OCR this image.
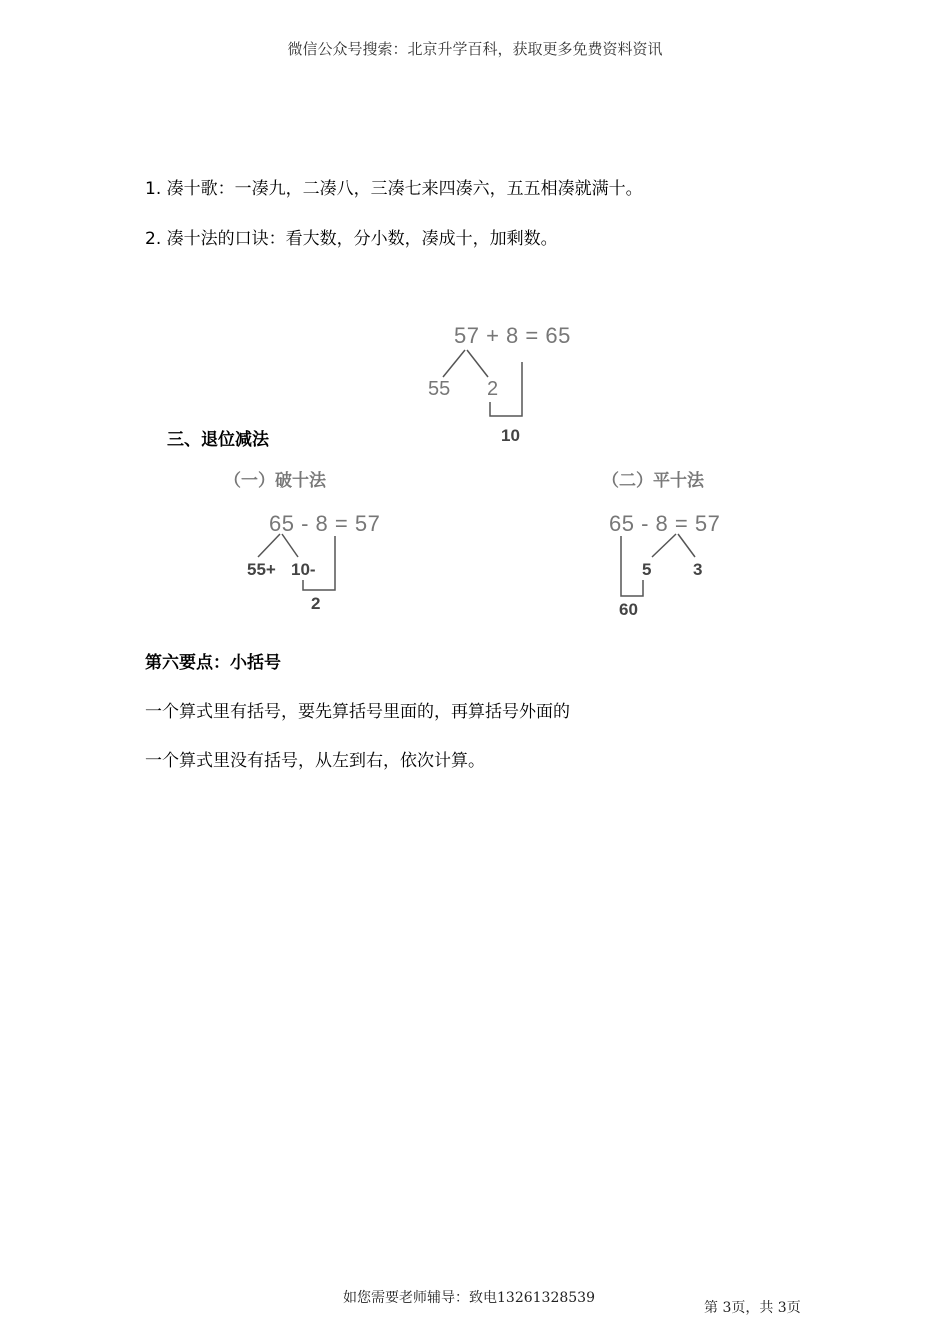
微信公众号搜索：北京升学百科，获取更多免费资料资讯
1. 凑十歌：一凑九，二凑八，三凑七来四凑六，五五相凑就满十。
2. 凑十法的口诀：看大数，分小数，凑成十，加剩数。
57 + 8 = 65
55 2
10
三、退位减法
（一）破十法	（二）平十法
65 - 8 = 57
55+ 10-
2
65 - 8 = 57
5 3
60
第六要点：小括号
一个算式里有括号，要先算括号里面的，再算括号外面的
一个算式里没有括号，从左到右，依次计算。
如您需要老师辅导：致电13261328539
第 3页，共 3页
